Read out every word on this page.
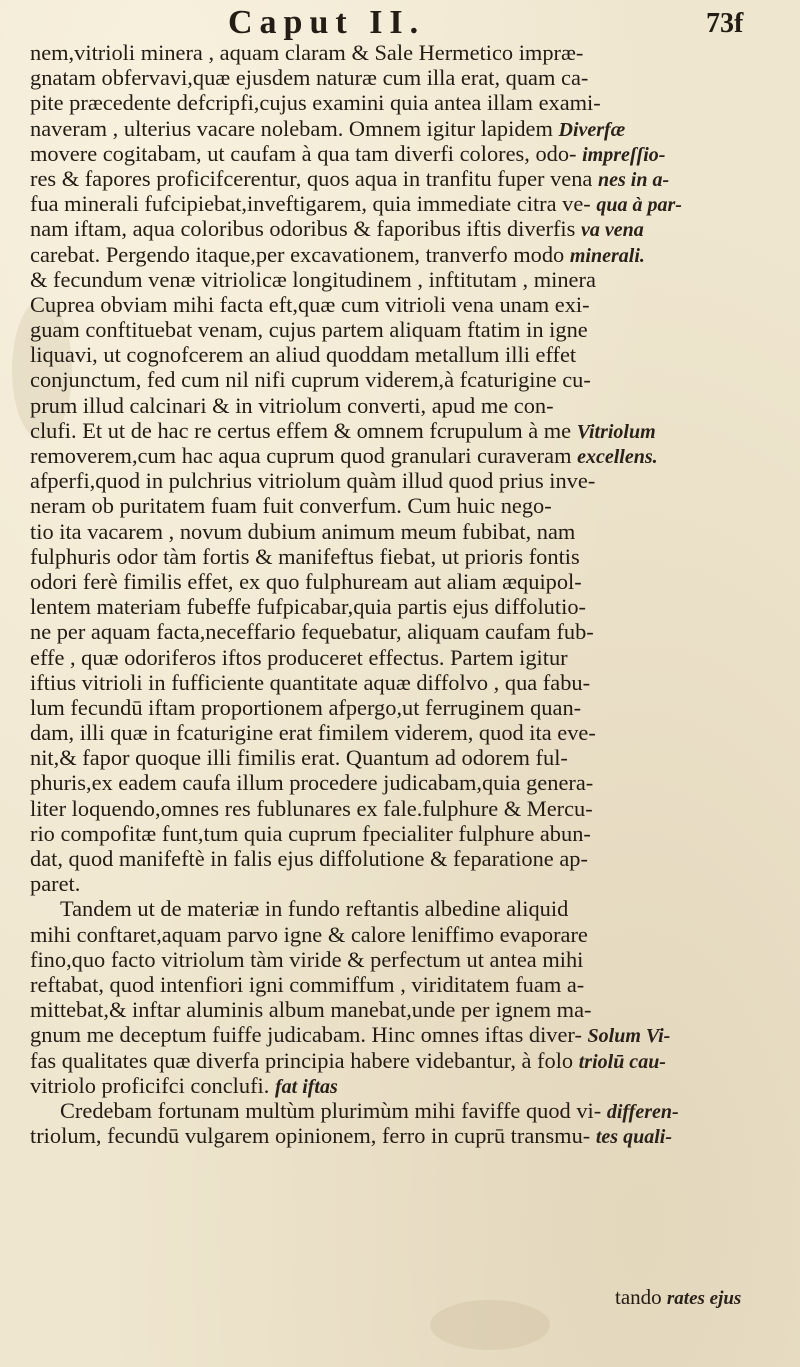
Caput II.	73f
nem,vitrioli minera , aquam claram & Sale Hermetico impræ-
gnatam obfervavi,quæ ejusdem naturæ cum illa erat, quam ca-
pite præcedente defcripfi,cujus examini quia antea illam exami-
naveram , ulterius vacare nolebam. Omnem igitur lapidem Diverfæ
movere cogitabam, ut caufam à qua tam diverfi colores, odo- impreſſio-
res & fapores proficifcerentur, quos aqua in tranfitu fuper vena nes in a-
fua minerali fufcipiebat,inveftigarem, quia immediate citra ve- qua à par-
nam iftam, aqua coloribus odoribus & faporibus iftis diverfis va vena
carebat. Pergendo itaque,per excavationem, tranverfo modo minerali.
& fecundum venæ vitriolicæ longitudinem , inftitutam , minera
Cuprea obviam mihi facta eft,quæ cum vitrioli vena unam exi-
guam conftituebat venam, cujus partem aliquam ftatim in igne
liquavi, ut cognofcerem an aliud quoddam metallum illi effet
conjunctum, fed cum nil nifi cuprum viderem,à fcaturigine cu-
prum illud calcinari & in vitriolum converti, apud me con-
clufi. Et ut de hac re certus effem & omnem fcrupulum à me Vitriolum
removerem,cum hac aqua cuprum quod granulari curaveram excellens.
afperfi,quod in pulchrius vitriolum quàm illud quod prius inve-
neram ob puritatem fuam fuit converfum. Cum huic nego-
tio ita vacarem , novum dubium animum meum fubibat, nam
fulphuris odor tàm fortis & manifeftus fiebat, ut prioris fontis
odori ferè fimilis effet, ex quo fulphuream aut aliam æquipol-
lentem materiam fubeffe fufpicabar,quia partis ejus diffolutio-
ne per aquam facta,neceffario fequebatur, aliquam caufam fub-
effe , quæ odoriferos iftos produceret effectus. Partem igitur
iftius vitrioli in fufficiente quantitate aquæ diffolvo , qua fabu-
lum fecundū iftam proportionem afpergo,ut ferruginem quan-
dam, illi quæ in fcaturigine erat fimilem viderem, quod ita eve-
nit,& fapor quoque illi fimilis erat. Quantum ad odorem ful-
phuris,ex eadem caufa illum procedere judicabam,quia genera-
liter loquendo,omnes res fublunares ex fale.fulphure & Mercu-
rio compofitæ funt,tum quia cuprum fpecialiter fulphure abun-
dat, quod manifeftè in falis ejus diffolutione & feparatione ap-
paret.
Tandem ut de materiæ in fundo reftantis albedine aliquid
mihi conftaret,aquam parvo igne & calore leniffimo evaporare
fino,quo facto vitriolum tàm viride & perfectum ut antea mihi
reftabat, quod intenfiori igni commiffum , viriditatem fuam a-
mittebat,& inftar aluminis album manebat,unde per ignem ma-
gnum me deceptum fuiffe judicabam. Hinc omnes iftas diver- Solum Vi-
fas qualitates quæ diverfa principia habere videbantur, à folo triolū cau-
vitriolo proficifci conclufi. fat iftas
Credebam fortunam multùm plurimùm mihi faviffe quod vi- differen-
triolum, fecundū vulgarem opinionem, ferro in cuprū transmu- tes quali-
tando rates ejus
